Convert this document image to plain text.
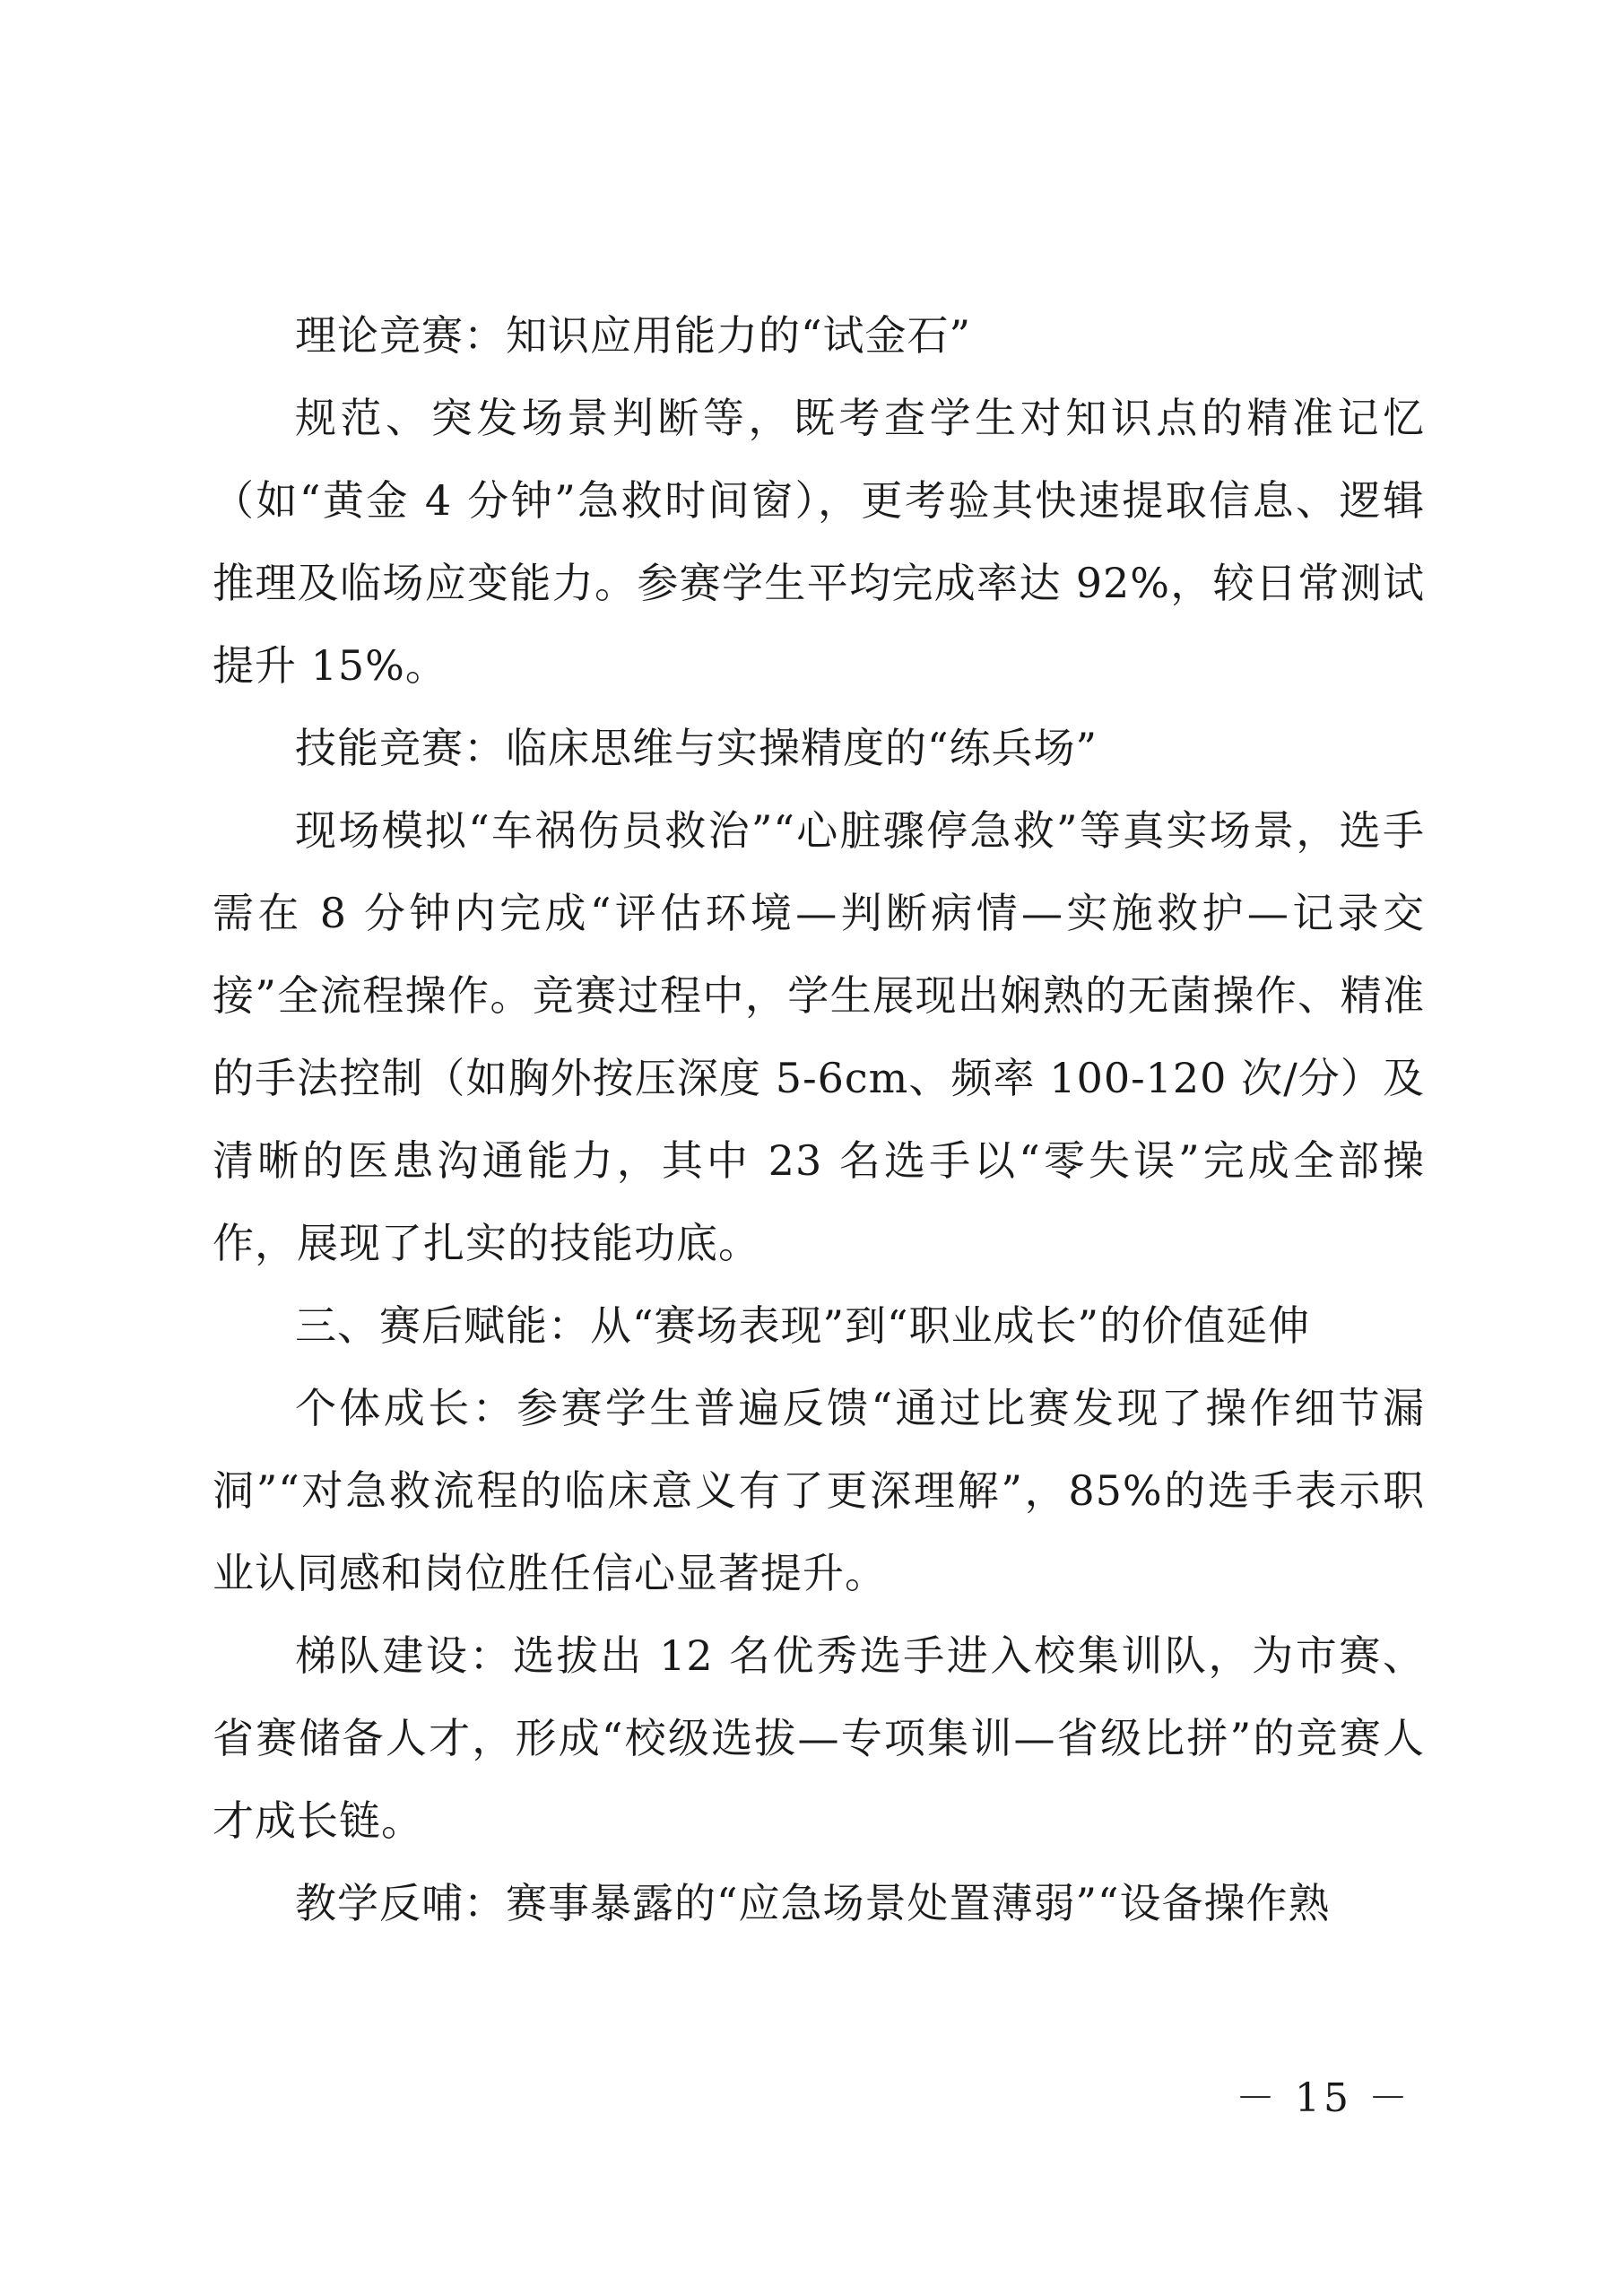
理论竞赛：知识应用能力的“试金石”

规范、突发场景判断等，既考查学生对知识点的精准记忆（如“黄金 4 分钟”急救时间窗），更考验其快速提取信息、逻辑推理及临场应变能力。参赛学生平均完成率达 92%，较日常测试提升 15%。

技能竞赛：临床思维与实操精度的“练兵场”

现场模拟“车祸伤员救治”“心脏骤停急救”等真实场景，选手需在 8 分钟内完成“评估环境—判断病情—实施救护—记录交接”全流程操作。竞赛过程中，学生展现出娴熟的无菌操作、精准的手法控制（如胸外按压深度 5-6cm、频率 100-120 次/分）及清晰的医患沟通能力，其中 23 名选手以“零失误”完成全部操作，展现了扎实的技能功底。

三、赛后赋能：从“赛场表现”到“职业成长”的价值延伸

个体成长：参赛学生普遍反馈“通过比赛发现了操作细节漏洞”“对急救流程的临床意义有了更深理解”，85%的选手表示职业认同感和岗位胜任信心显著提升。

梯队建设：选拔出 12 名优秀选手进入校集训队，为市赛、省赛储备人才，形成“校级选拔—专项集训—省级比拼”的竞赛人才成长链。

教学反哺：赛事暴露的“应急场景处置薄弱”“设备操作熟

－ 15 －
